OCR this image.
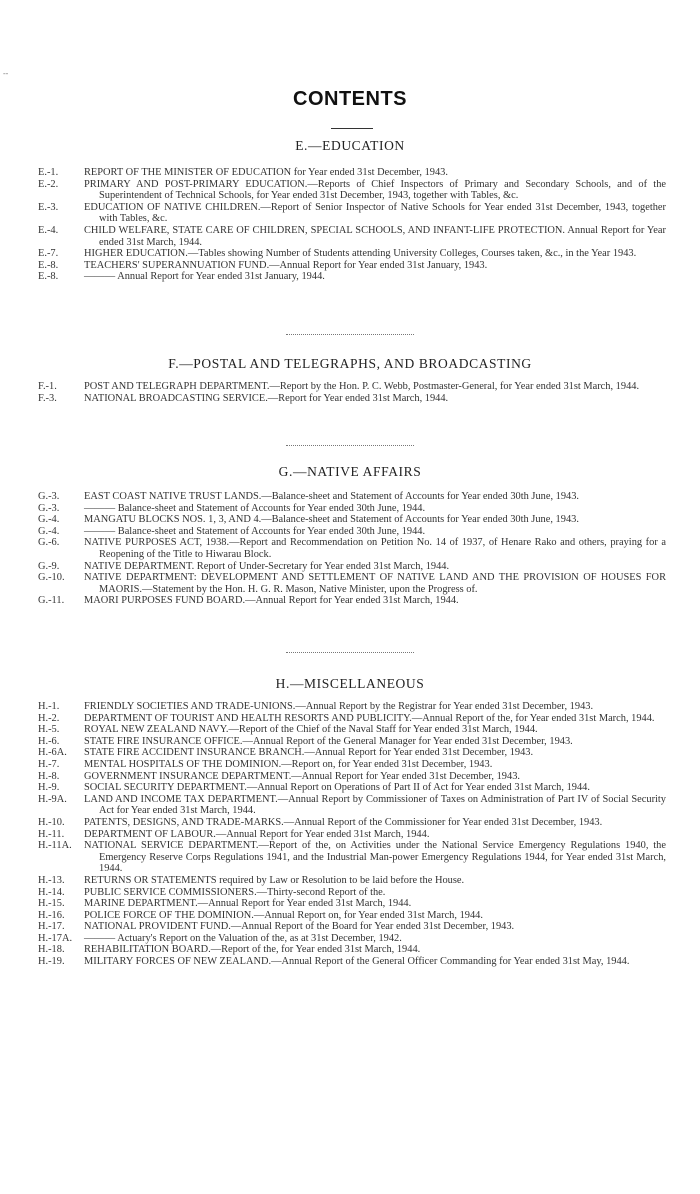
-‐
CONTENTS
E.—EDUCATION
E.-1.	REPORT OF THE MINISTER OF EDUCATION for Year ended 31st December, 1943.
E.-2.	PRIMARY AND POST-PRIMARY EDUCATION.—Reports of Chief Inspectors of Primary and Secondary Schools, and of the Superintendent of Technical Schools, for Year ended 31st December, 1943, together with Tables, &c.
E.-3.	EDUCATION OF NATIVE CHILDREN.—Report of Senior Inspector of Native Schools for Year ended 31st December, 1943, together with Tables, &c.
E.-4.	CHILD WELFARE, STATE CARE OF CHILDREN, SPECIAL SCHOOLS, AND INFANT-LIFE PROTECTION. Annual Report for Year ended 31st March, 1944.
E.-7.	HIGHER EDUCATION.—Tables showing Number of Students attending University Colleges, Courses taken, &c., in the Year 1943.
E.-8.	TEACHERS' SUPERANNUATION FUND.—Annual Report for Year ended 31st January, 1943.
E.-8.	——— Annual Report for Year ended 31st January, 1944.
F.—POSTAL AND TELEGRAPHS, AND BROADCASTING
F.-1.	POST AND TELEGRAPH DEPARTMENT.—Report by the Hon. P. C. Webb, Postmaster-General, for Year ended 31st March, 1944.
F.-3.	NATIONAL BROADCASTING SERVICE.—Report for Year ended 31st March, 1944.
G.—NATIVE AFFAIRS
G.-3.	EAST COAST NATIVE TRUST LANDS.—Balance-sheet and Statement of Accounts for Year ended 30th June, 1943.
G.-3.	——— Balance-sheet and Statement of Accounts for Year ended 30th June, 1944.
G.-4.	MANGATU BLOCKS NOS. 1, 3, AND 4.—Balance-sheet and Statement of Accounts for Year ended 30th June, 1943.
G.-4.	——— Balance-sheet and Statement of Accounts for Year ended 30th June, 1944.
G.-6.	NATIVE PURPOSES ACT, 1938.—Report and Recommendation on Petition No. 14 of 1937, of Henare Rako and others, praying for a Reopening of the Title to Hiwarau Block.
G.-9.	NATIVE DEPARTMENT. Report of Under-Secretary for Year ended 31st March, 1944.
G.-10.	NATIVE DEPARTMENT: DEVELOPMENT AND SETTLEMENT OF NATIVE LAND AND THE PROVISION OF HOUSES FOR MAORIS.—Statement by the Hon. H. G. R. Mason, Native Minister, upon the Progress of.
G.-11.	MAORI PURPOSES FUND BOARD.—Annual Report for Year ended 31st March, 1944.
H.—MISCELLANEOUS
H.-1.	FRIENDLY SOCIETIES AND TRADE-UNIONS.—Annual Report by the Registrar for Year ended 31st December, 1943.
H.-2.	DEPARTMENT OF TOURIST AND HEALTH RESORTS AND PUBLICITY.—Annual Report of the, for Year ended 31st March, 1944.
H.-5.	ROYAL NEW ZEALAND NAVY.—Report of the Chief of the Naval Staff for Year ended 31st March, 1944.
H.-6.	STATE FIRE INSURANCE OFFICE.—Annual Report of the General Manager for Year ended 31st December, 1943.
H.-6A.	STATE FIRE ACCIDENT INSURANCE BRANCH.—Annual Report for Year ended 31st December, 1943.
H.-7.	MENTAL HOSPITALS OF THE DOMINION.—Report on, for Year ended 31st December, 1943.
H.-8.	GOVERNMENT INSURANCE DEPARTMENT.—Annual Report for Year ended 31st December, 1943.
H.-9.	SOCIAL SECURITY DEPARTMENT.—Annual Report on Operations of Part II of Act for Year ended 31st March, 1944.
H.-9A.	LAND AND INCOME TAX DEPARTMENT.—Annual Report by Commissioner of Taxes on Administration of Part IV of Social Security Act for Year ended 31st March, 1944.
H.-10.	PATENTS, DESIGNS, AND TRADE-MARKS.—Annual Report of the Commissioner for Year ended 31st December, 1943.
H.-11.	DEPARTMENT OF LABOUR.—Annual Report for Year ended 31st March, 1944.
H.-11A.	NATIONAL SERVICE DEPARTMENT.—Report of the, on Activities under the National Service Emergency Regulations 1940, the Emergency Reserve Corps Regulations 1941, and the Industrial Man-power Emergency Regulations 1944, for Year ended 31st March, 1944.
H.-13.	RETURNS OR STATEMENTS required by Law or Resolution to be laid before the House.
H.-14.	PUBLIC SERVICE COMMISSIONERS.—Thirty-second Report of the.
H.-15.	MARINE DEPARTMENT.—Annual Report for Year ended 31st March, 1944.
H.-16.	POLICE FORCE OF THE DOMINION.—Annual Report on, for Year ended 31st March, 1944.
H.-17.	NATIONAL PROVIDENT FUND.—Annual Report of the Board for Year ended 31st December, 1943.
H.-17A.	——— Actuary's Report on the Valuation of the, as at 31st December, 1942.
H.-18.	REHABILITATION BOARD.—Report of the, for Year ended 31st March, 1944.
H.-19.	MILITARY FORCES OF NEW ZEALAND.—Annual Report of the General Officer Commanding for Year ended 31st May, 1944.
